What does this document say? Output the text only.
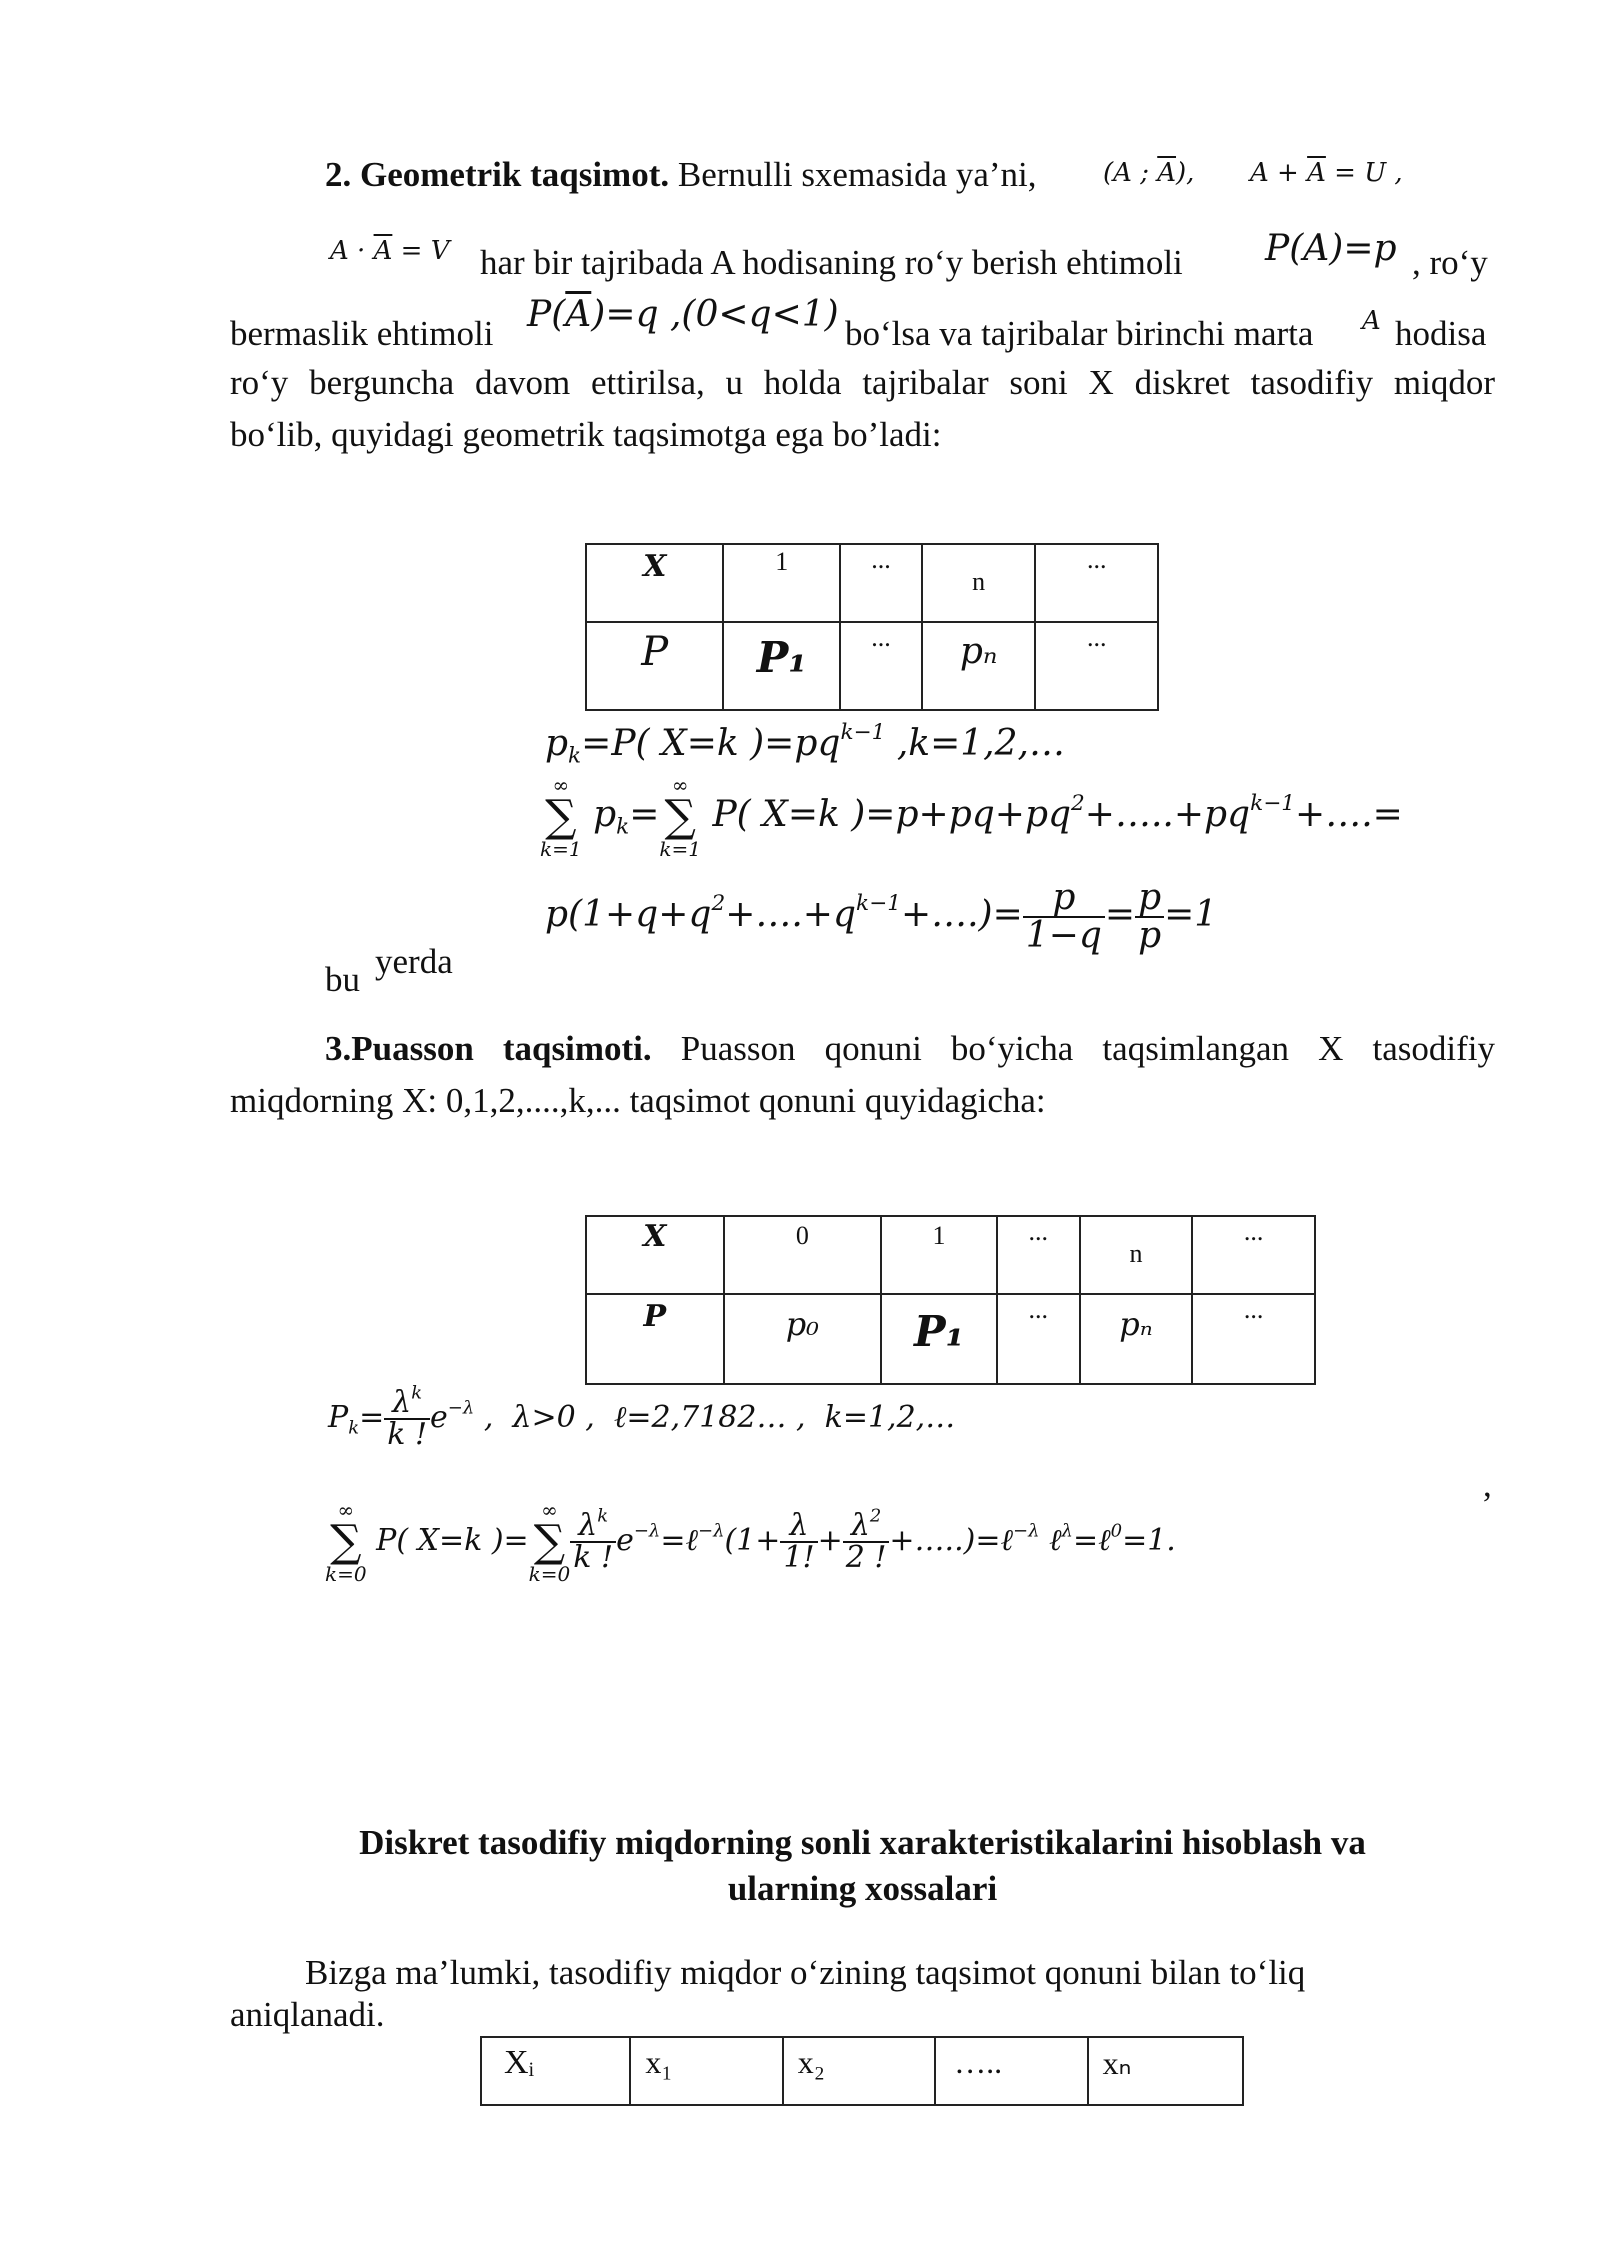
2. Geometrik taqsimot. Bernulli sxemasida ya’ni,	(A ; $\overline{A}$), $A + \overline{A} = U$ ,
$A \cdot \overline{A} = V$ har bir tajribada A hodisaning ro‘y berish ehtimoli P(A)=p , ro‘y
bermaslik ehtimoli $P(\overline{A})=q$ ,(0<q<1) bo‘lsa va tajribalar birinchi marta A hodisa
ro‘y berguncha davom ettirilsa, u holda tajribalar soni X diskret tasodifiy miqdor
bo‘lib, quyidagi geometrik taqsimotga ega bo’ladi:
X	1	...	n	...

P	P₁	...	pₙ	...
$p_k=P$( X=k )$=pq^{k-1}$ ,k=1,2,…
∞
∑
k=1
$p_k=$
∞
∑
k=1
P( X=k )$=p+pq+pq^2+\dots..+pq^{k-1}+\dots.=$
$p(1+q+q^2+\dots.+q^{k-1}+\dots.)= \frac{p}{1-q} = \frac{p}{p} =1$
bu yerda
3.Puasson taqsimoti. Puasson qonuni bo‘yicha taqsimlangan X tasodifiy
miqdorning X: 0,1,2,....,k,... taqsimot qonuni quyidagicha:
X	0	1	...	n	...

P	p₀	P₁	...	pₙ	...
$P_k= \frac{\lambda^k}{k !} e^{-\lambda}$ ,  λ>0 ,  ℓ=2,7182… ,  k=1,2,…
,
∞
∑
k=0
P( X=k )=
∞
∑
k=0
$\frac{\lambda^k}{k !}$ $e^{-\lambda}=\ell^{-\lambda}(1+ \frac{\lambda}{1!} + \frac{\lambda^2}{2 !}$ +…..)=ℓ$^{-\lambda}$ ℓ$^\lambda$=ℓ$^0$=1.
Diskret tasodifiy miqdorning sonli xarakteristikalarini hisoblash va
ularning xossalari
Bizga ma’lumki, tasodifiy miqdor o‘zining taqsimot qonuni bilan to‘liq
aniqlanadi.
Xᵢ	x₁	x₂	…..	xₙ
